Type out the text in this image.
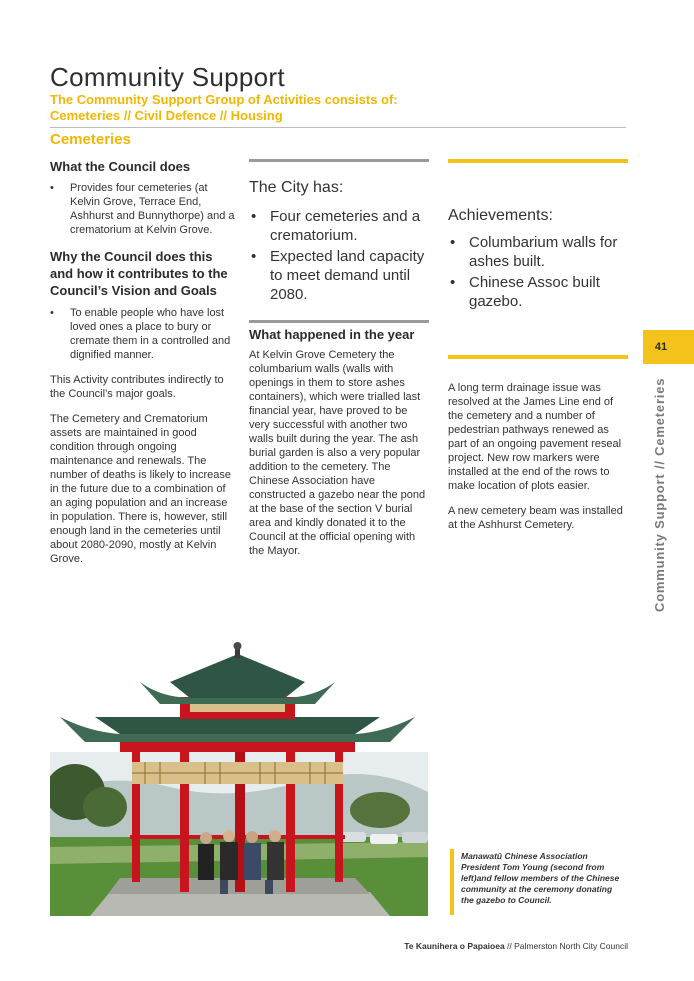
Community Support
The Community Support Group of Activities consists of:
Cemeteries // Civil Defence // Housing
Cemeteries
What the Council does
• Provides four cemeteries (at Kelvin Grove, Terrace End, Ashhurst and Bunnythorpe) and a crematorium at Kelvin Grove.
Why the Council does this and how it contributes to the Council’s Vision and Goals
• To enable people who have lost loved ones a place to bury or cremate them in a controlled and dignified manner.

This Activity contributes indirectly to the Council’s major goals.

The Cemetery and Crematorium assets are maintained in good condition through ongoing maintenance and renewals. The number of deaths is likely to increase in the future due to a combination of an aging population and an increase in population. There is, however, still enough land in the cemeteries until about 2080-2090, mostly at Kelvin Grove.

The City has:
• Four cemeteries and a crematorium.
• Expected land capacity to meet demand until 2080.
What happened in the year

At Kelvin Grove Cemetery the columbarium walls (walls with openings in them to store ashes containers), which were trialled last financial year, have proved to be very successful with another two walls built during the year. The ash burial garden is also a very popular addition to the cemetery. The Chinese Association have constructed a gazebo near the pond at the base of the section V burial area and kindly donated it to the Council at the official opening with the Mayor.

Achievements:
• Columbarium walls for ashes built.
• Chinese Assoc built gazebo.

A long term drainage issue was resolved at the James Line end of the cemetery and a number of pedestrian pathways renewed as part of an ongoing pavement reseal project. New row markers were installed at the end of the rows to make location of plots easier.

A new cemetery beam was installed at the Ashhurst Cemetery.

41
Community Support // Cemeteries
Manawatū Chinese Association President Tom Young (second from left)and fellow members of the Chinese community at the ceremony donating the gazebo to Council.
Te Kaunihera o Papaioea // Palmerston North City Council
